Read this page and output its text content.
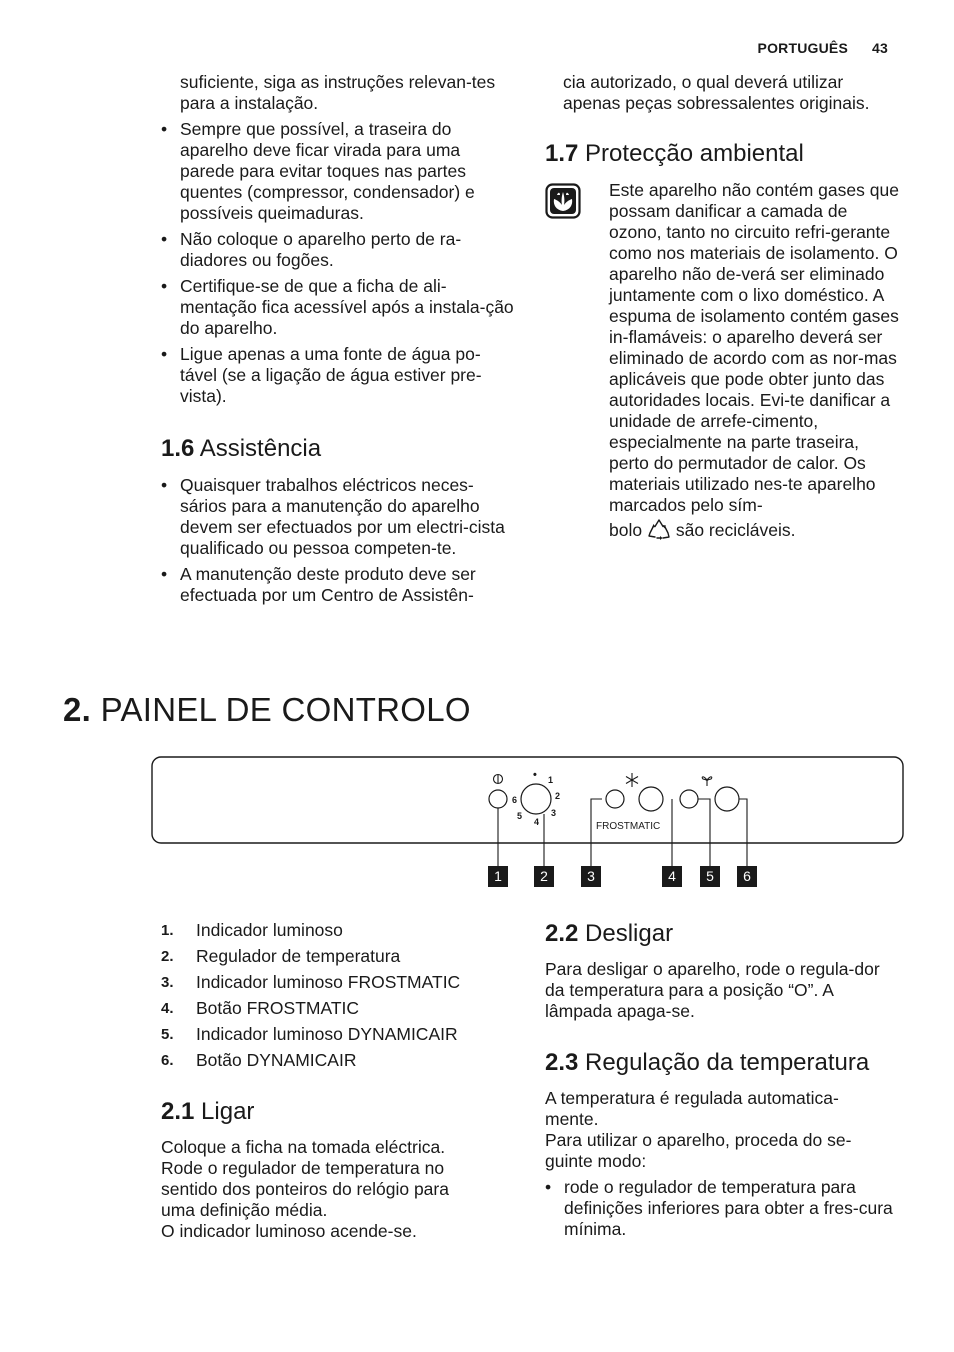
PORTUGUÊS 43

suficiente, siga as instruções relevan-tes para a instalação.

• Sempre que possível, a traseira do aparelho deve ficar virada para uma parede para evitar toques nas partes quentes (compressor, condensador) e possíveis queimaduras.
• Não coloque o aparelho perto de ra-diadores ou fogões.
• Certifique-se de que a ficha de ali-mentação fica acessível após a instala-ção do aparelho.
• Ligue apenas a uma fonte de água po-tável (se a ligação de água estiver pre-vista).
1.6 Assistência
• Quaisquer trabalhos eléctricos neces-sários para a manutenção do aparelho devem ser efectuados por um electri-cista qualificado ou pessoa competen-te.
• A manutenção deste produto deve ser efectuada por um Centro de Assistên-

cia autorizado, o qual deverá utilizar apenas peças sobressalentes originais.

1.7 Protecção ambiental

Este aparelho não contém gases que possam danificar a camada de ozono, tanto no circuito refri-gerante como nos materiais de isolamento. O aparelho não de-verá ser eliminado juntamente com o lixo doméstico. A espuma de isolamento contém gases in-flamáveis: o aparelho deverá ser eliminado de acordo com as nor-mas aplicáveis que pode obter junto das autoridades locais. Evi-te danificar a unidade de arrefe-cimento, especialmente na parte traseira, perto do permutador de calor. Os materiais utilizado nes-te aparelho marcados pelo sím-

bolo são recicláveis.

2. PAINEL DE CONTROLO
• 1
2
3
4
5
6
FROSTMATIC
1	2	3	4	5	6
1. Indicador luminoso
2. Regulador de temperatura
3. Indicador luminoso FROSTMATIC
4. Botão FROSTMATIC
5. Indicador luminoso DYNAMICAIR
6. Botão DYNAMICAIR
2.1 Ligar

Coloque a ficha na tomada eléctrica.

Rode o regulador de temperatura no

sentido dos ponteiros do relógio para

uma definição média.

O indicador luminoso acende-se.

2.2 Desligar

Para desligar o aparelho, rode o regula-dor da temperatura para a posição “O”. A lâmpada apaga-se.

2.3 Regulação da temperatura

A temperatura é regulada automatica-

mente.

Para utilizar o aparelho, proceda do se-

guinte modo:

• rode o regulador de temperatura para definições inferiores para obter a fres-cura mínima.
